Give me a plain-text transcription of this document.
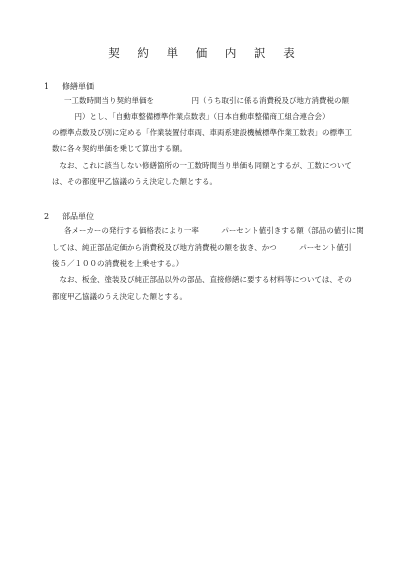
契 約 単 価 内 訳 表
1 修繕単価
一工数時間当り契約単価を　　　　　円（うち取引に係る消費税及び地方消費税の額
　　　円）とし、「自動車整備標準作業点数表」（日本自動車整備商工組合連合会）
の標準点数及び別に定める「作業装置付車両、車両系建設機械標準作業工数表」の標準工
数に各々契約単価を乗じて算出する額。
　なお、これに該当しない修繕箇所の一工数時間当り単価も同額とするが、工数について
は、その都度甲乙協議のうえ決定した額とする。
2 部品単位
各メーカーの発行する価格表により一率　　　パーセント値引きする額（部品の値引に関
しては、純正部品定価から消費税及び地方消費税の額を抜き、かつ　　　パーセント値引
後５／１００の消費税を上乗せする。）
　なお、板金、塗装及び純正部品以外の部品、直接修繕に要する材料等については、その
都度甲乙協議のうえ決定した額とする。
